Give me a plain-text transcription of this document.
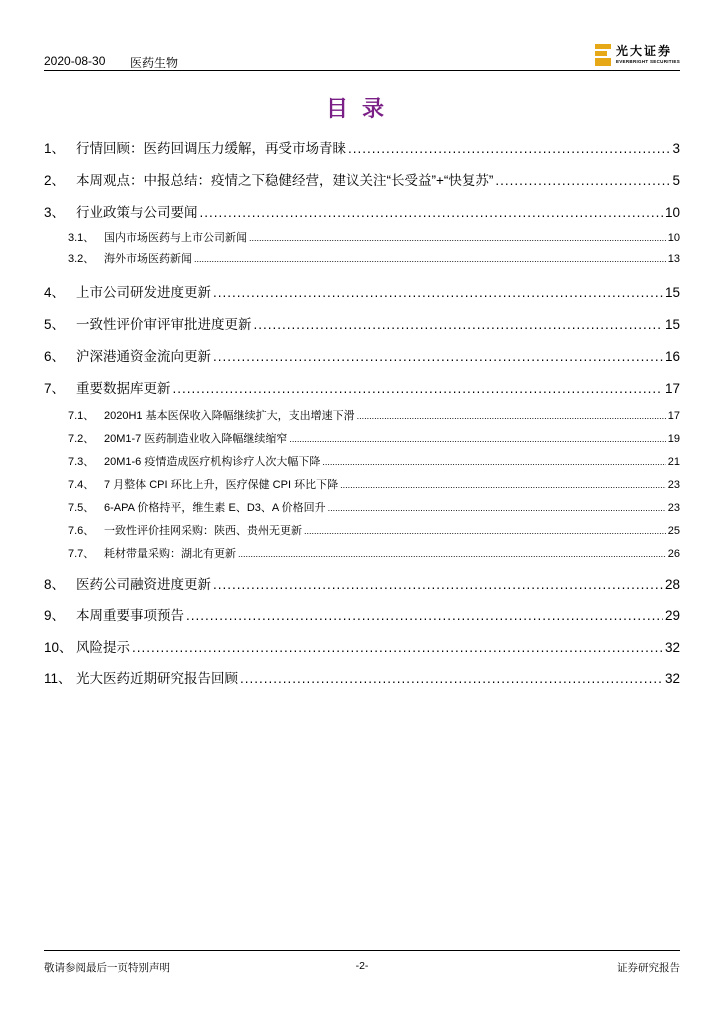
2020-08-30 医药生物
光大证券
EVERBRIGHT SECURITIES
目录
1、 行情回顾：医药回调压力缓解，再受市场青睐 .....	3
2、 本周观点：中报总结：疫情之下稳健经营，建议关注“长受益”+“快复苏” .....	5
3、 行业政策与公司要闻 .....	10
3.1、 国内市场医药与上市公司新闻 .....	10
3.2、 海外市场医药新闻 .....	13
4、 上市公司研发进度更新 .....	15
5、 一致性评价审评审批进度更新 .....	15
6、 沪深港通资金流向更新 .....	16
7、 重要数据库更新 .....	17
7.1、 2020H1 基本医保收入降幅继续扩大，支出增速下滑 .....	17
7.2、 20M1-7 医药制造业收入降幅继续缩窄 .....	19
7.3、 20M1-6 疫情造成医疗机构诊疗人次大幅下降 .....	21
7.4、 7 月整体 CPI 环比上升，医疗保健 CPI 环比下降 .....	23
7.5、 6-APA 价格持平，维生素 E、D3、A 价格回升 .....	23
7.6、 一致性评价挂网采购：陕西、贵州无更新 .....	25
7.7、 耗材带量采购：湖北有更新 .....	26
8、 医药公司融资进度更新 .....	28
9、 本周重要事项预告 .....	29
10、 风险提示 .....	32
11、 光大医药近期研究报告回顾 .....	32
敬请参阅最后一页特别声明	-2-	证券研究报告
